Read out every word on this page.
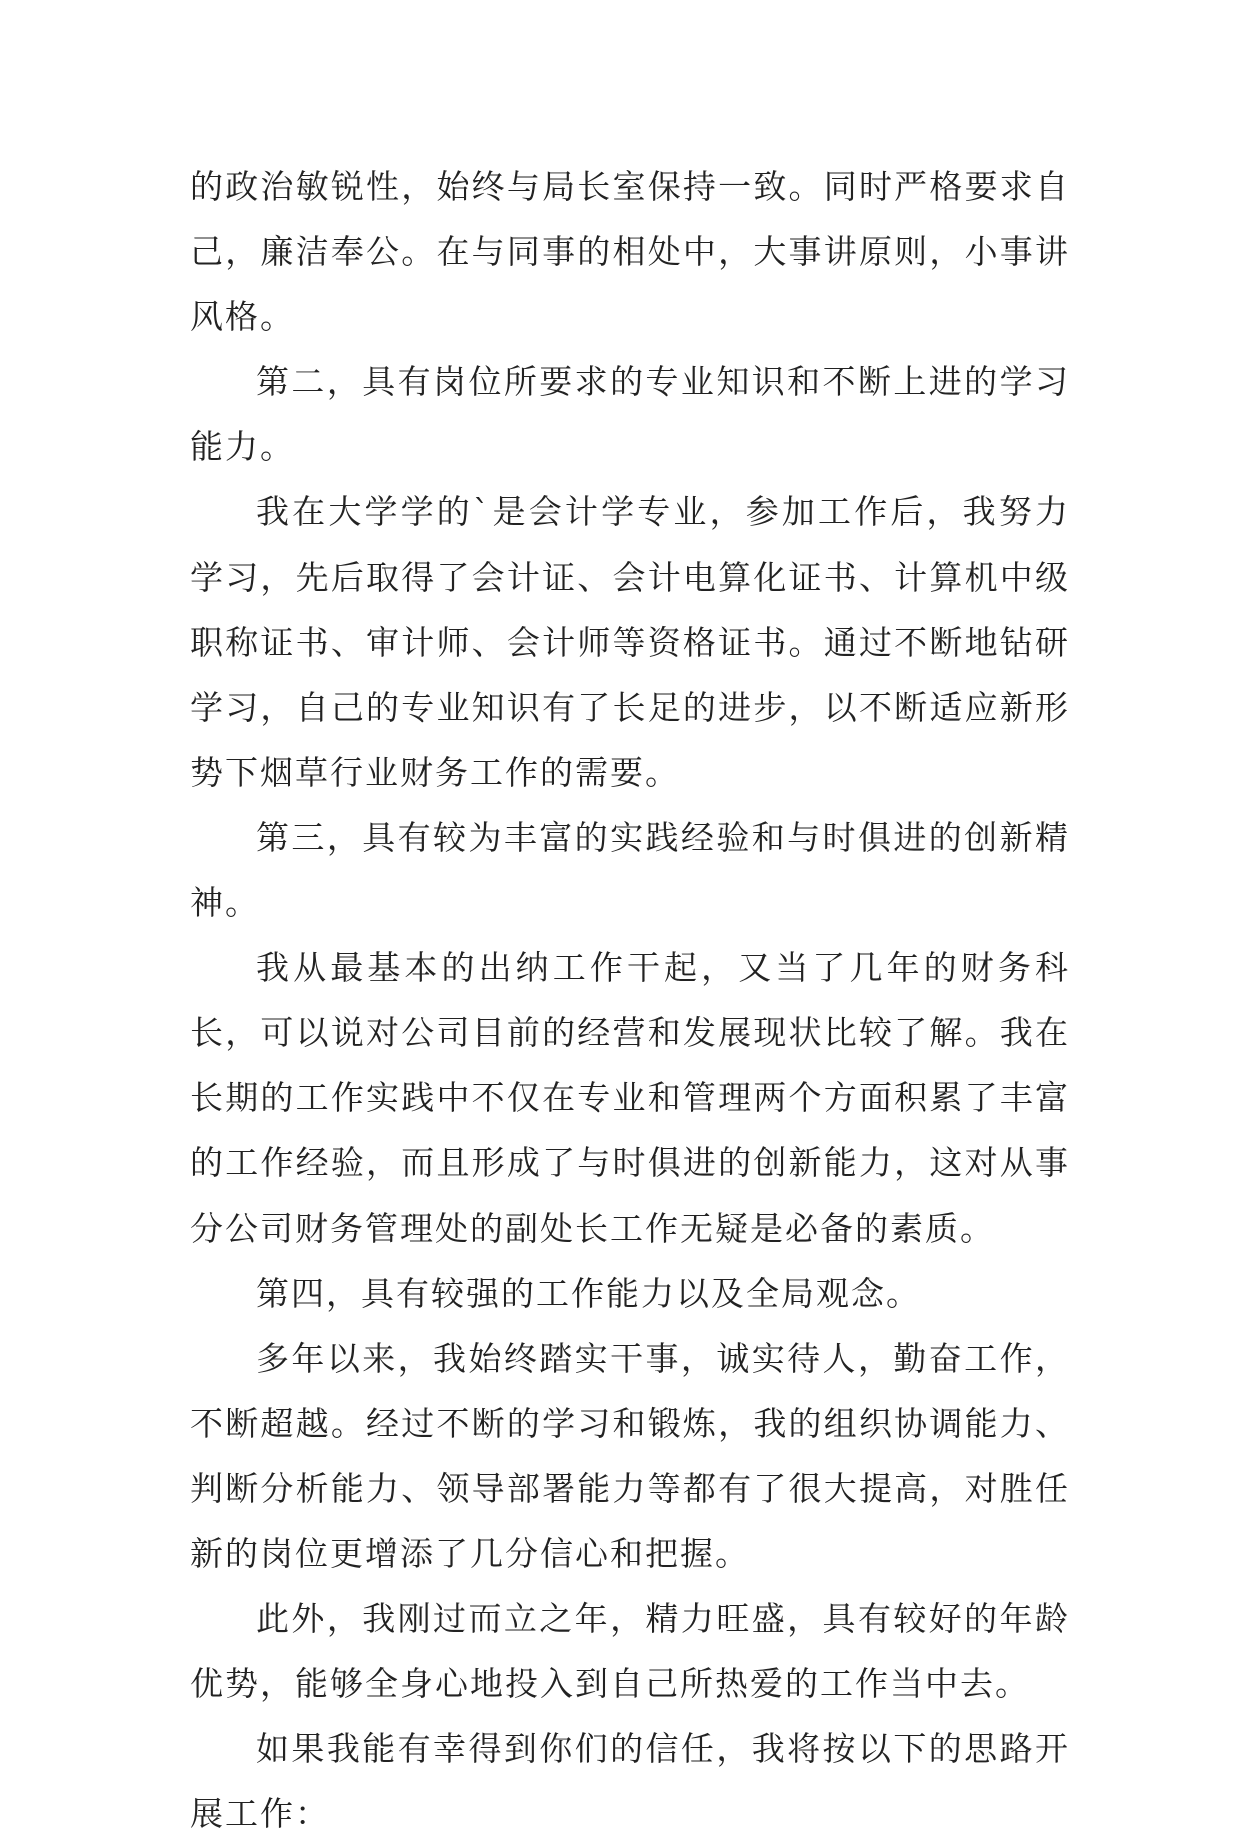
的政治敏锐性，始终与局长室保持一致。同时严格要求自己，廉洁奉公。在与同事的相处中，大事讲原则，小事讲风格。

第二，具有岗位所要求的专业知识和不断上进的学习能力。

我在大学学的`是会计学专业，参加工作后，我努力学习，先后取得了会计证、会计电算化证书、计算机中级职称证书、审计师、会计师等资格证书。通过不断地钻研学习，自己的专业知识有了长足的进步，以不断适应新形势下烟草行业财务工作的需要。

第三，具有较为丰富的实践经验和与时俱进的创新精神。

我从最基本的出纳工作干起，又当了几年的财务科长，可以说对公司目前的经营和发展现状比较了解。我在长期的工作实践中不仅在专业和管理两个方面积累了丰富的工作经验，而且形成了与时俱进的创新能力，这对从事分公司财务管理处的副处长工作无疑是必备的素质。

第四，具有较强的工作能力以及全局观念。

多年以来，我始终踏实干事，诚实待人，勤奋工作，不断超越。经过不断的学习和锻炼，我的组织协调能力、判断分析能力、领导部署能力等都有了很大提高，对胜任新的岗位更增添了几分信心和把握。

此外，我刚过而立之年，精力旺盛，具有较好的年龄优势，能够全身心地投入到自己所热爱的工作当中去。

如果我能有幸得到你们的信任，我将按以下的思路开展工作：
